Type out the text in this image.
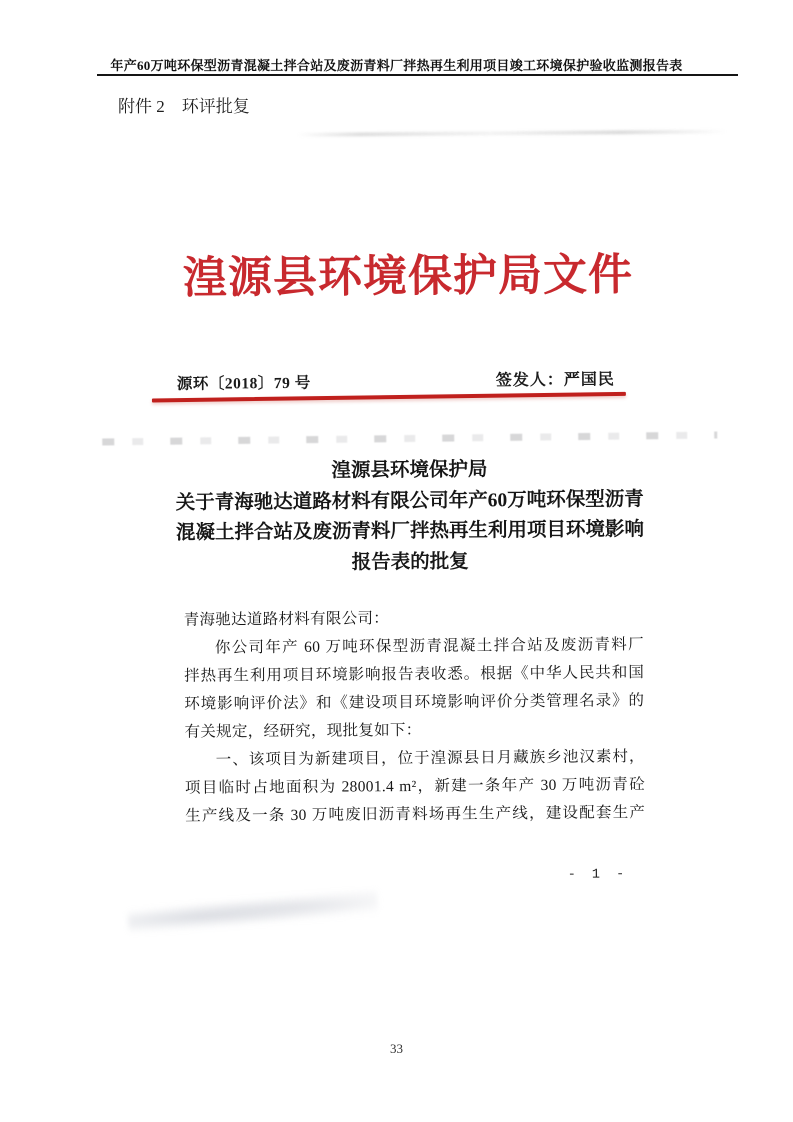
年产60万吨环保型沥青混凝土拌合站及废沥青料厂拌热再生利用项目竣工环境保护验收监测报告表
附件 2　环评批复
湟源县环境保护局文件
源环〔2018〕79 号	签发人：严国民
湟源县环境保护局
关于青海驰达道路材料有限公司年产60万吨环保型沥青
混凝土拌合站及废沥青料厂拌热再生利用项目环境影响
报告表的批复
青海驰达道路材料有限公司：
你公司年产 60 万吨环保型沥青混凝土拌合站及废沥青料厂
拌热再生利用项目环境影响报告表收悉。根据《中华人民共和国
环境影响评价法》和《建设项目环境影响评价分类管理名录》的
有关规定，经研究，现批复如下：
一、该项目为新建项目，位于湟源县日月藏族乡池汉素村，
项目临时占地面积为 28001.4 m²，新建一条年产 30 万吨沥青砼
生产线及一条 30 万吨废旧沥青料场再生生产线，建设配套生产
- 1 -
33
